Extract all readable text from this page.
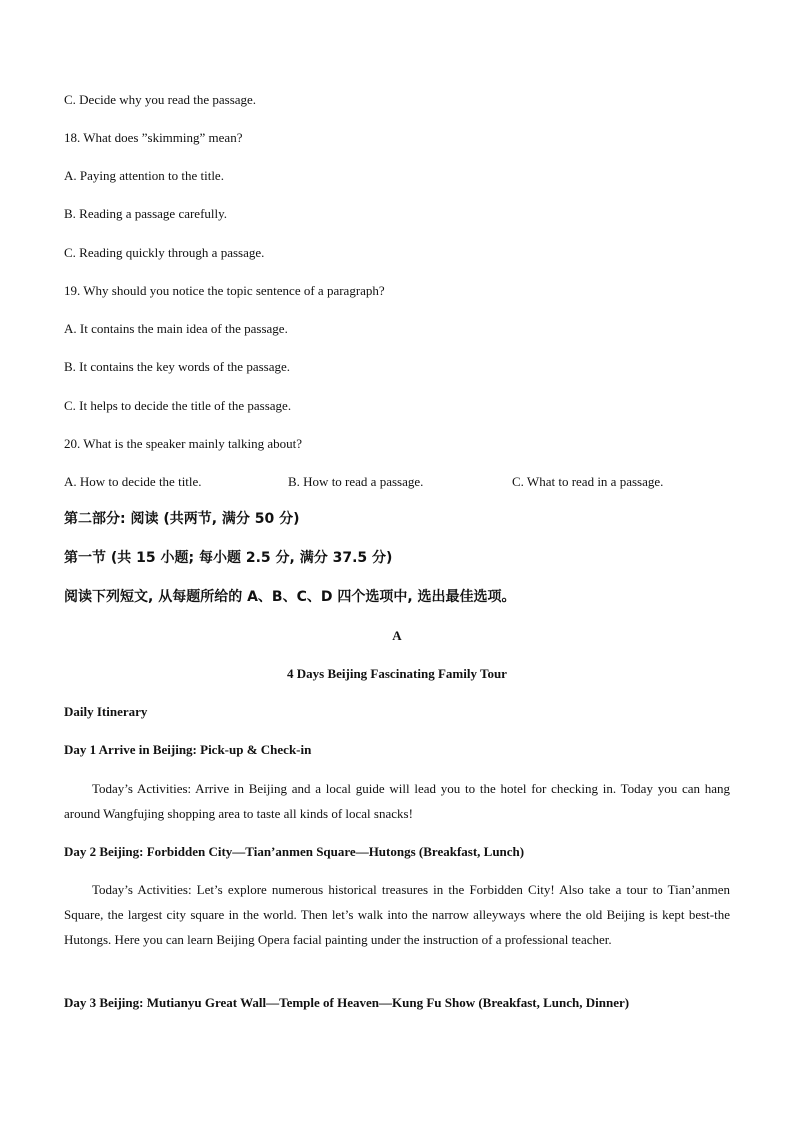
C. Decide why you read the passage.
18. What does ”skimming” mean?
A. Paying attention to the title.
B. Reading a passage carefully.
C. Reading quickly through a passage.
19. Why should you notice the topic sentence of a paragraph?
A. It contains the main idea of the passage.
B. It contains the key words of the passage.
C. It helps to decide the title of the passage.
20. What is the speaker mainly talking about?
A. How to decide the title.	B. How to read a passage.	C. What to read in a passage.
第二部分: 阅读 (共两节, 满分 50 分)
第一节 (共 15 小题; 每小题 2.5 分, 满分 37.5 分)
阅读下列短文, 从每题所给的 A、B、C、D 四个选项中, 选出最佳选项。
A
4 Days Beijing Fascinating Family Tour
Daily Itinerary
Day 1 Arrive in Beijing: Pick-up & Check-in
Today’s Activities: Arrive in Beijing and a local guide will lead you to the hotel for checking in. Today you can hang around Wangfujing shopping area to taste all kinds of local snacks!
Day 2 Beijing: Forbidden City—Tian’anmen Square—Hutongs (Breakfast, Lunch)
Today’s Activities: Let’s explore numerous historical treasures in the Forbidden City! Also take a tour to Tian’anmen Square, the largest city square in the world. Then let’s walk into the narrow alleyways where the old Beijing is kept best-the Hutongs. Here you can learn Beijing Opera facial painting under the instruction of a professional teacher.
Day 3 Beijing: Mutianyu Great Wall—Temple of Heaven—Kung Fu Show (Breakfast, Lunch, Dinner)
